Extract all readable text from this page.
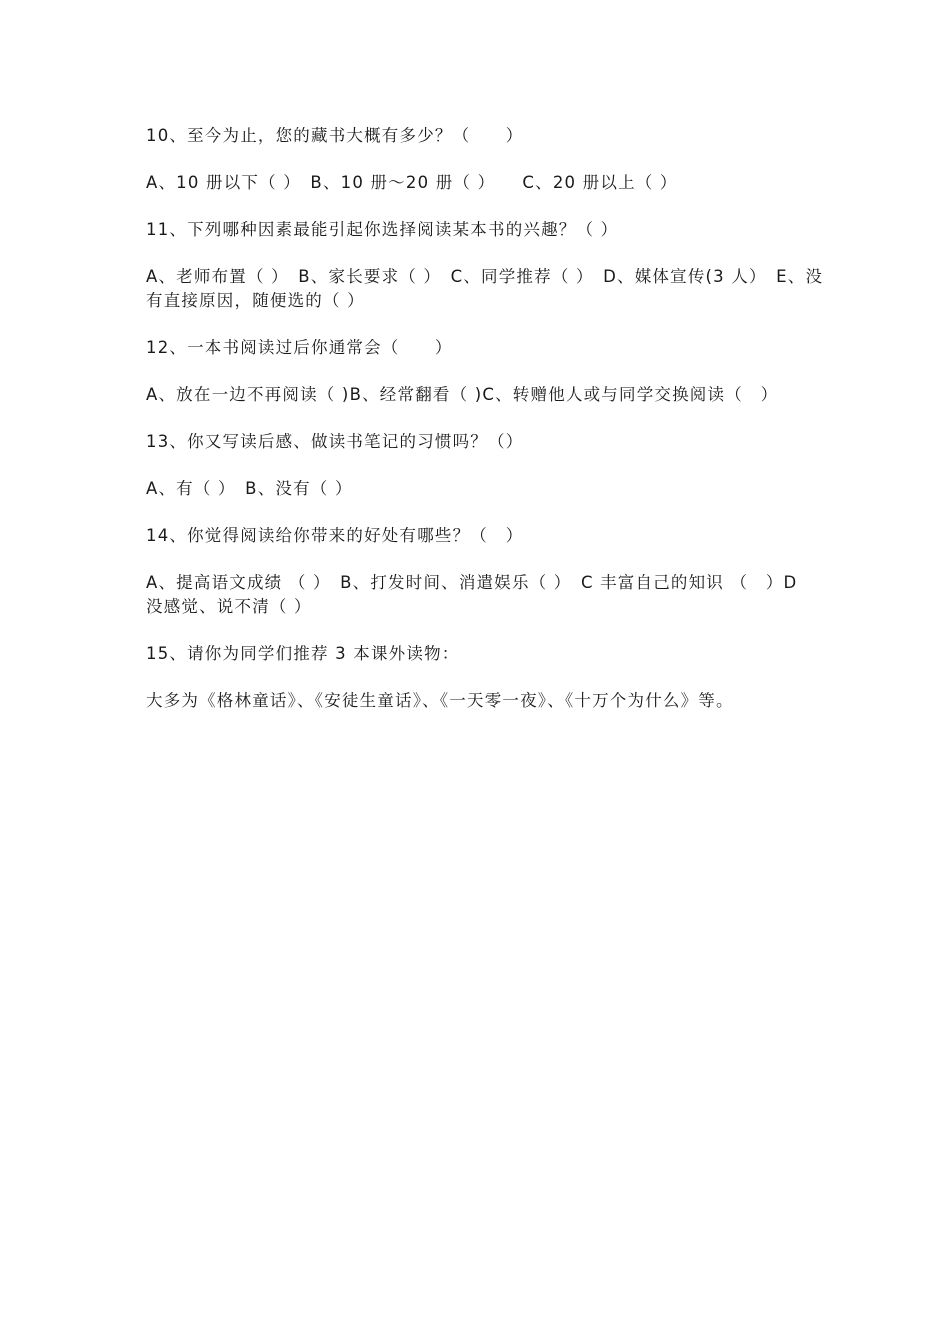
10、至今为止，您的藏书大概有多少？（　　）

A、10 册以下（ ）　B、10 册～20 册（ ）　　C、20 册以上（ ）

11、下列哪种因素最能引起你选择阅读某本书的兴趣？（ ）

A、老师布置（ ）　B、家长要求（ ）　C、同学推荐（ ）　D、媒体宣传(3 人）　E、没

有直接原因，随便选的（ ）

12、一本书阅读过后你通常会（　　）

A、放在一边不再阅读（ )B、经常翻看（ )C、转赠他人或与同学交换阅读（　）

13、你又写读后感、做读书笔记的习惯吗？（）

A、有（ ）　B、没有（ ）

14、你觉得阅读给你带来的好处有哪些？（　）

A、提高语文成绩 （ ）　B、打发时间、消遣娱乐（ ）　C 丰富自己的知识 （　）D

没感觉、说不清（ ）

15、请你为同学们推荐 3 本课外读物：

大多为《格林童话》、《安徒生童话》、《一天零一夜》、《十万个为什么》等。
